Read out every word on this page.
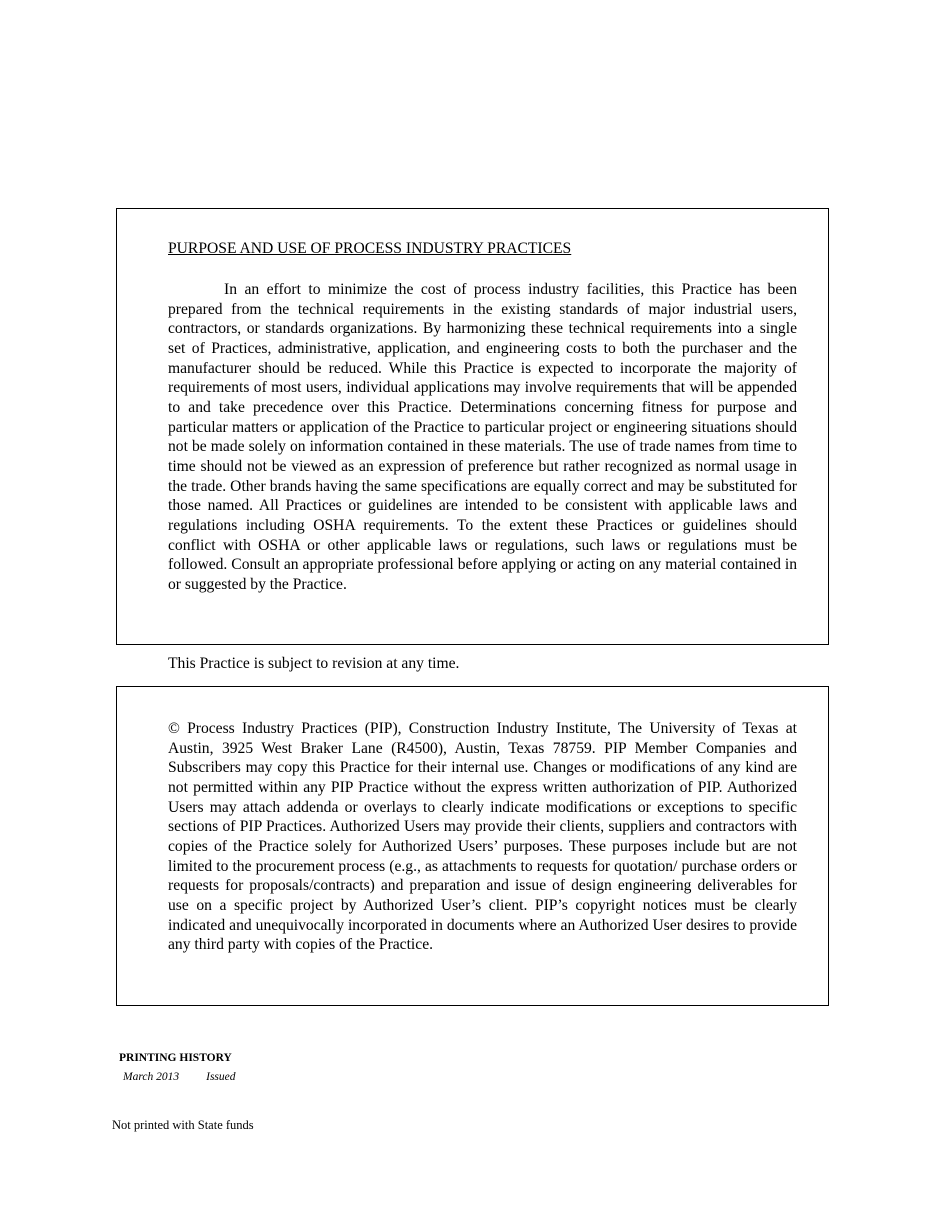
PURPOSE AND USE OF PROCESS INDUSTRY PRACTICES

In an effort to minimize the cost of process industry facilities, this Practice has been prepared from the technical requirements in the existing standards of major industrial users, contractors, or standards organizations. By harmonizing these technical requirements into a single set of Practices, administrative, application, and engineering costs to both the purchaser and the manufacturer should be reduced. While this Practice is expected to incorporate the majority of requirements of most users, individual applications may involve requirements that will be appended to and take precedence over this Practice. Determinations concerning fitness for purpose and particular matters or application of the Practice to particular project or engineering situations should not be made solely on information contained in these materials. The use of trade names from time to time should not be viewed as an expression of preference but rather recognized as normal usage in the trade. Other brands having the same specifications are equally correct and may be substituted for those named. All Practices or guidelines are intended to be consistent with applicable laws and regulations including OSHA requirements. To the extent these Practices or guidelines should conflict with OSHA or other applicable laws or regulations, such laws or regulations must be followed. Consult an appropriate professional before applying or acting on any material contained in or suggested by the Practice.

This Practice is subject to revision at any time.

© Process Industry Practices (PIP), Construction Industry Institute, The University of Texas at Austin, 3925 West Braker Lane (R4500), Austin, Texas 78759. PIP Member Companies and Subscribers may copy this Practice for their internal use. Changes or modifications of any kind are not permitted within any PIP Practice without the express written authorization of PIP. Authorized Users may attach addenda or overlays to clearly indicate modifications or exceptions to specific sections of PIP Practices. Authorized Users may provide their clients, suppliers and contractors with copies of the Practice solely for Authorized Users’ purposes. These purposes include but are not limited to the procurement process (e.g., as attachments to requests for quotation/ purchase orders or requests for proposals/contracts) and preparation and issue of design engineering deliverables for use on a specific project by Authorized User’s client. PIP’s copyright notices must be clearly indicated and unequivocally incorporated in documents where an Authorized User desires to provide any third party with copies of the Practice.

PRINTING HISTORY
March 2013 Issued

Not printed with State funds
